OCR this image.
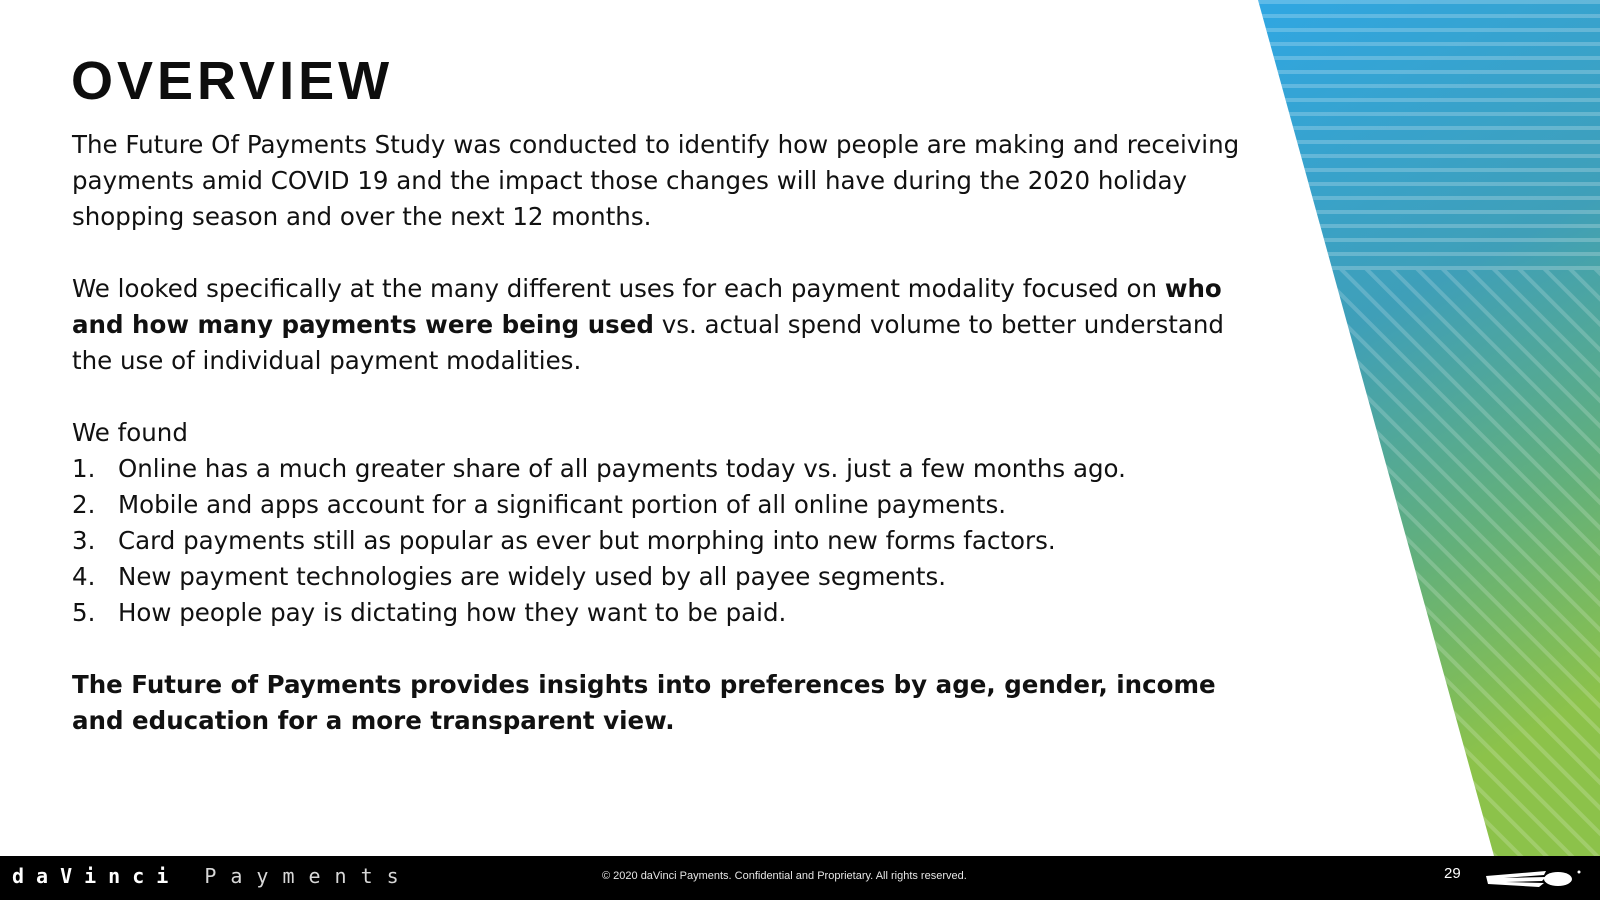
OVERVIEW

The Future Of Payments Study was conducted to identify how people are making and receiving payments amid COVID 19 and the impact those changes will have during the 2020 holiday shopping season and over the next 12 months.

We looked specifically at the many different uses for each payment modality focused on who and how many payments were being used vs. actual spend volume to better understand the use of individual payment modalities.

We found

1. Online has a much greater share of all payments today vs. just a few months ago.
2. Mobile and apps account for a significant portion of all online payments.
3. Card payments still as popular as ever but morphing into new forms factors.
4. New payment technologies are widely used by all payee segments.
5. How people pay is dictating how they want to be paid.

The Future of Payments provides insights into preferences by age, gender, income and education for a more transparent view.

daVinci Payments	© 2020 daVinci Payments. Confidential and Proprietary. All rights reserved.	29
